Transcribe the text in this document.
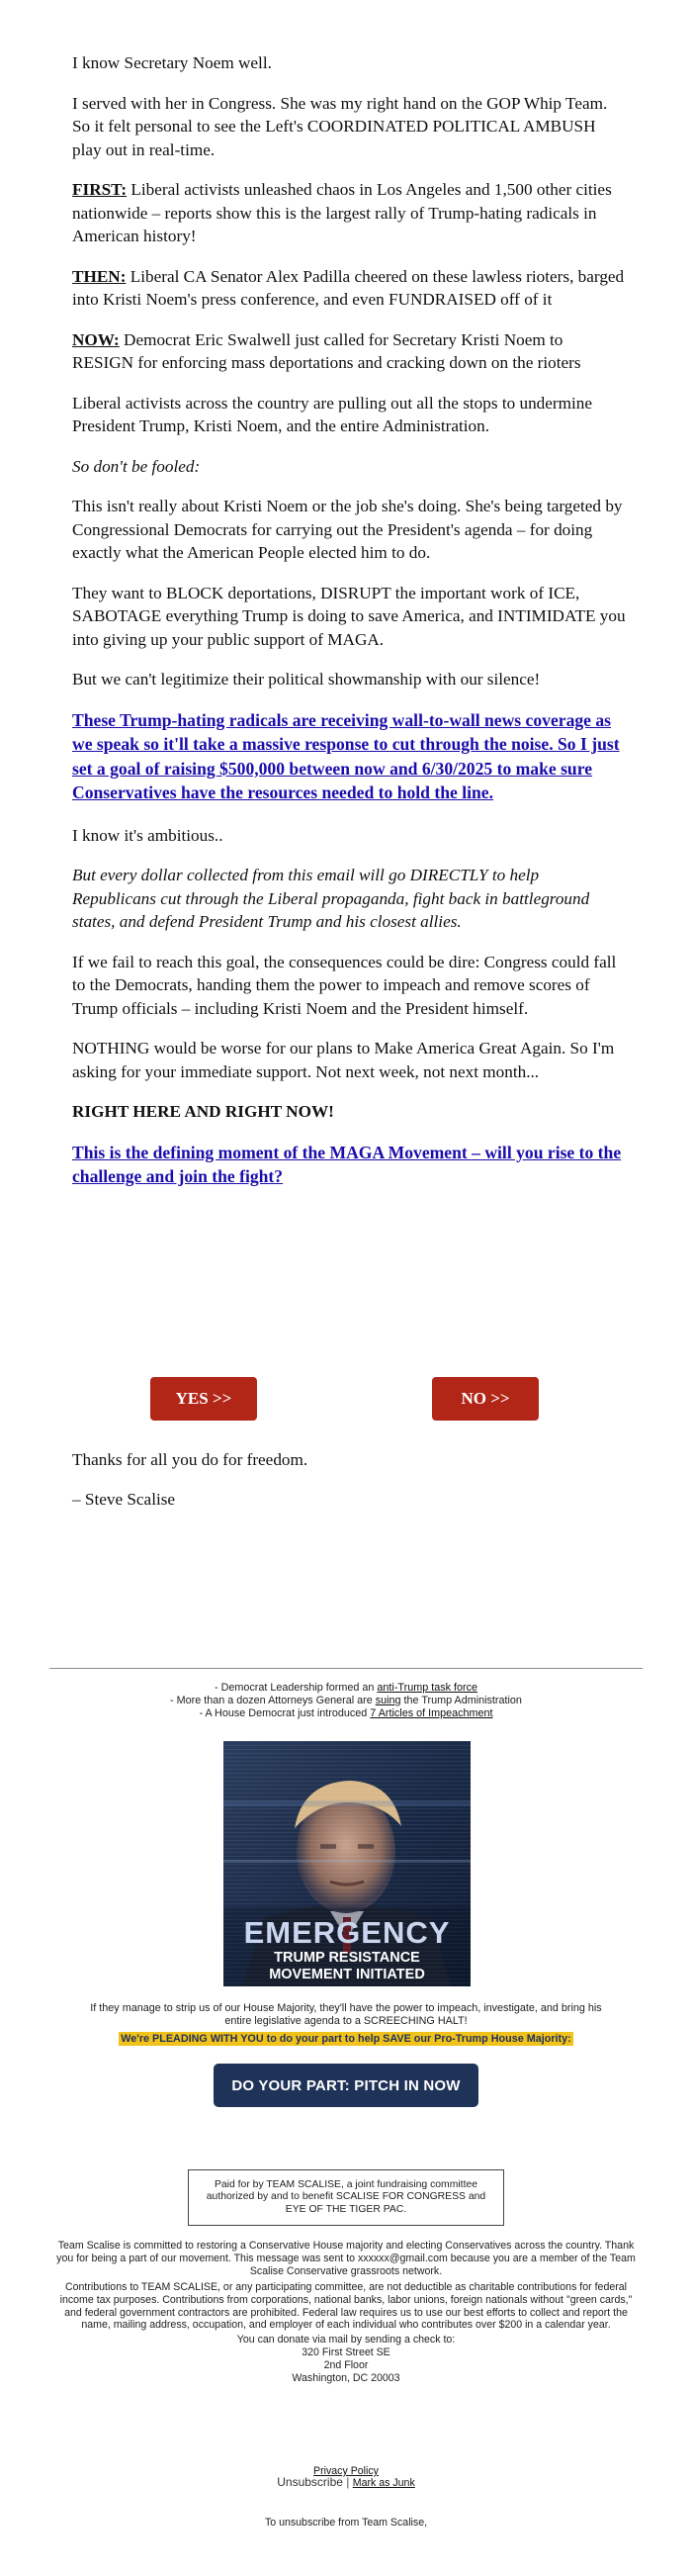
I know Secretary Noem well.

I served with her in Congress. She was my right hand on the GOP Whip Team. So it felt personal to see the Left's COORDINATED POLITICAL AMBUSH play out in real-time.

FIRST: Liberal activists unleashed chaos in Los Angeles and 1,500 other cities nationwide – reports show this is the largest rally of Trump-hating radicals in American history!

THEN: Liberal CA Senator Alex Padilla cheered on these lawless rioters, barged into Kristi Noem's press conference, and even FUNDRAISED off of it

NOW: Democrat Eric Swalwell just called for Secretary Kristi Noem to RESIGN for enforcing mass deportations and cracking down on the rioters

Liberal activists across the country are pulling out all the stops to undermine President Trump, Kristi Noem, and the entire Administration.

So don't be fooled:

This isn't really about Kristi Noem or the job she's doing. She's being targeted by Congressional Democrats for carrying out the President's agenda – for doing exactly what the American People elected him to do.

They want to BLOCK deportations, DISRUPT the important work of ICE, SABOTAGE everything Trump is doing to save America, and INTIMIDATE you into giving up your public support of MAGA.

But we can't legitimize their political showmanship with our silence!

These Trump-hating radicals are receiving wall-to-wall news coverage as we speak so it'll take a massive response to cut through the noise. So I just set a goal of raising $500,000 between now and 6/30/2025 to make sure Conservatives have the resources needed to hold the line.

I know it's ambitious..

But every dollar collected from this email will go DIRECTLY to help Republicans cut through the Liberal propaganda, fight back in battleground states, and defend President Trump and his closest allies.

If we fail to reach this goal, the consequences could be dire: Congress could fall to the Democrats, handing them the power to impeach and remove scores of Trump officials – including Kristi Noem and the President himself.

NOTHING would be worse for our plans to Make America Great Again. So I'm asking for your immediate support. Not next week, not next month...

RIGHT HERE AND RIGHT NOW!

This is the defining moment of the MAGA Movement – will you rise to the challenge and join the fight?

YES >>	NO >>
Thanks for all you do for freedom.
– Steve Scalise
- Democrat Leadership formed an anti-Trump task force
- More than a dozen Attorneys General are suing the Trump Administration
- A House Democrat just introduced 7 Articles of Impeachment
EMERGENCY
TRUMP RESISTANCE
MOVEMENT INITIATED
If they manage to strip us of our House Majority, they'll have the power to impeach, investigate, and bring his entire legislative agenda to a SCREECHING HALT!
We're PLEADING WITH YOU to do your part to help SAVE our Pro-Trump House Majority:
DO YOUR PART: PITCH IN NOW
Paid for by TEAM SCALISE, a joint fundraising committee authorized by and to benefit SCALISE FOR CONGRESS and EYE OF THE TIGER PAC.
Team Scalise is committed to restoring a Conservative House majority and electing Conservatives across the country. Thank you for being a part of our movement. This message was sent to xxxxxx@gmail.com because you are a member of the Team Scalise Conservative grassroots network.
Contributions to TEAM SCALISE, or any participating committee, are not deductible as charitable contributions for federal income tax purposes. Contributions from corporations, national banks, labor unions, foreign nationals without "green cards," and federal government contractors are prohibited. Federal law requires us to use our best efforts to collect and report the name, mailing address, occupation, and employer of each individual who contributes over $200 in a calendar year.
You can donate via mail by sending a check to:
320 First Street SE
2nd Floor
Washington, DC 20003
Privacy Policy
Unsubscribe | Mark as Junk
To unsubscribe from Team Scalise,
